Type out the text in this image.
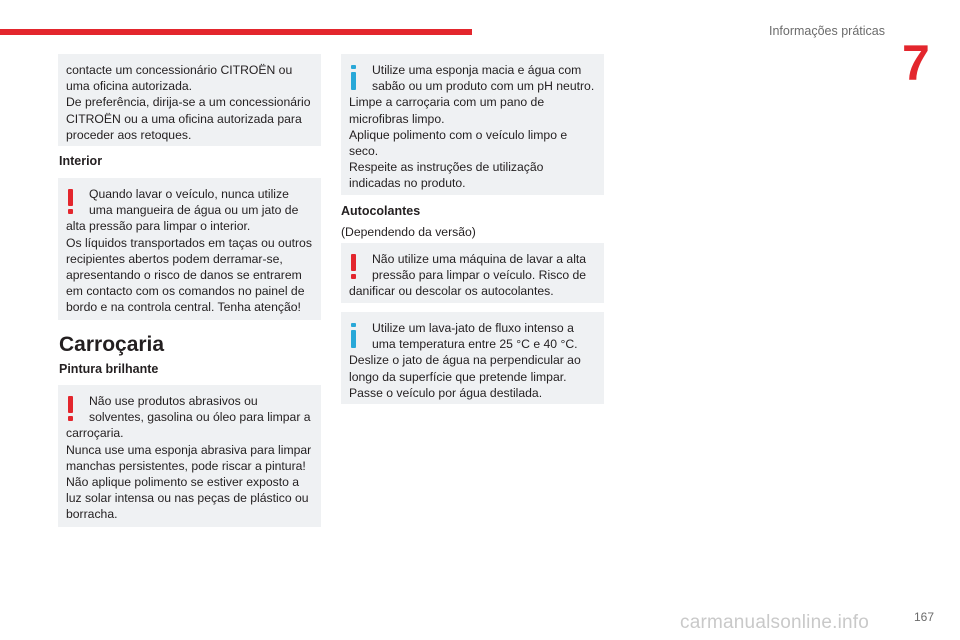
Informações práticas
7

contacte um concessionário CITROËN ou

uma oficina autorizada.

De preferência, dirija-se a um concessionário

CITROËN ou a uma oficina autorizada para

proceder aos retoques.

Interior

Quando lavar o veículo, nunca utilize

uma mangueira de água ou um jato de

alta pressão para limpar o interior.

Os líquidos transportados em taças ou outros

recipientes abertos podem derramar-se,

apresentando o risco de danos se entrarem

em contacto com os comandos no painel de

bordo e na controla central. Tenha atenção!

Carroçaria
Pintura brilhante

Não use produtos abrasivos ou

solventes, gasolina ou óleo para limpar a

carroçaria.

Nunca use uma esponja abrasiva para limpar

manchas persistentes, pode riscar a pintura!

Não aplique polimento se estiver exposto a

luz solar intensa ou nas peças de plástico ou

borracha.

Utilize uma esponja macia e água com

sabão ou um produto com um pH neutro.

Limpe a carroçaria com um pano de

microfibras limpo.

Aplique polimento com o veículo limpo e

seco.

Respeite as instruções de utilização

indicadas no produto.

Autocolantes
(Dependendo da versão)

Não utilize uma máquina de lavar a alta

pressão para limpar o veículo. Risco de

danificar ou descolar os autocolantes.

Utilize um lava-jato de fluxo intenso a

uma temperatura entre 25 °C e 40 °C.

Deslize o jato de água na perpendicular ao

longo da superfície que pretende limpar.

Passe o veículo por água destilada.

carmanualsonline.info	167
